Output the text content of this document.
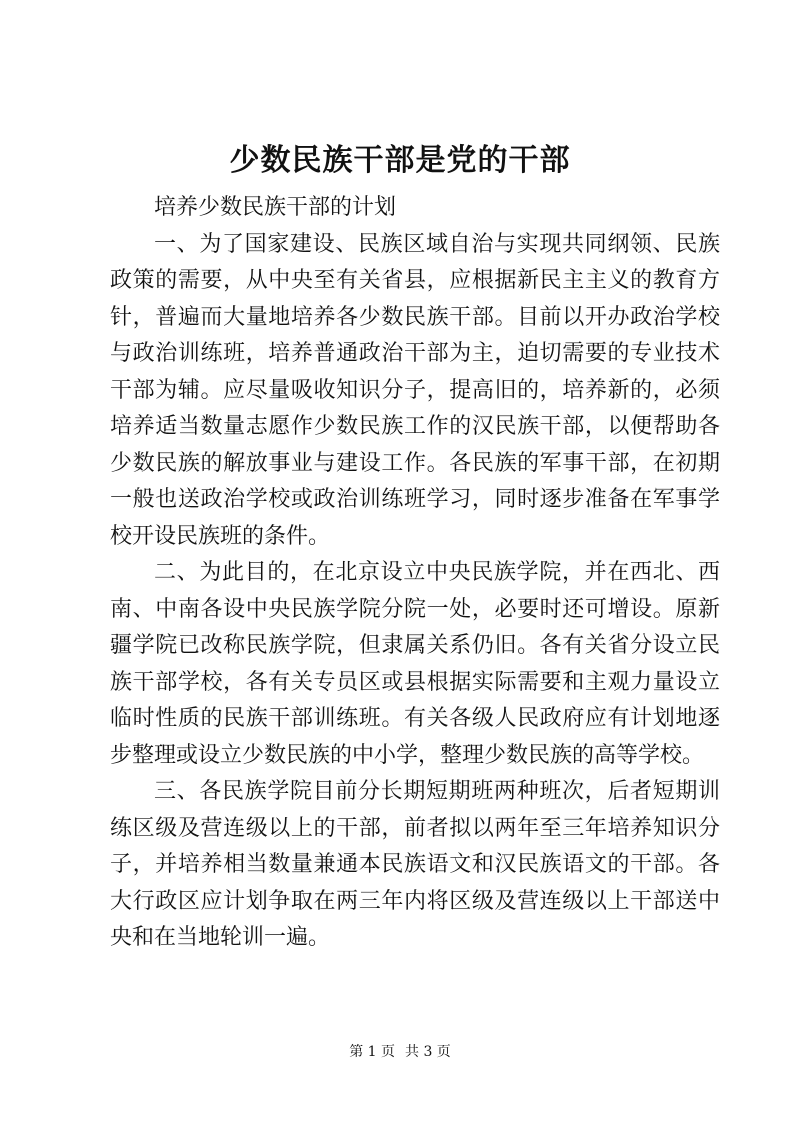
少数民族干部是党的干部

培养少数民族干部的计划

一、为了国家建设、民族区域自治与实现共同纲领、民族政策的需要，从中央至有关省县，应根据新民主主义的教育方针，普遍而大量地培养各少数民族干部。目前以开办政治学校与政治训练班，培养普通政治干部为主，迫切需要的专业技术干部为辅。应尽量吸收知识分子，提高旧的，培养新的，必须培养适当数量志愿作少数民族工作的汉民族干部，以便帮助各少数民族的解放事业与建设工作。各民族的军事干部，在初期一般也送政治学校或政治训练班学习，同时逐步准备在军事学校开设民族班的条件。

二、为此目的，在北京设立中央民族学院，并在西北、西南、中南各设中央民族学院分院一处，必要时还可增设。原新疆学院已改称民族学院，但隶属关系仍旧。各有关省分设立民族干部学校，各有关专员区或县根据实际需要和主观力量设立临时性质的民族干部训练班。有关各级人民政府应有计划地逐步整理或设立少数民族的中小学，整理少数民族的高等学校。

三、各民族学院目前分长期短期班两种班次，后者短期训练区级及营连级以上的干部，前者拟以两年至三年培养知识分子，并培养相当数量兼通本民族语文和汉民族语文的干部。各大行政区应计划争取在两三年内将区级及营连级以上干部送中央和在当地轮训一遍。

第 1 页 共 3 页
